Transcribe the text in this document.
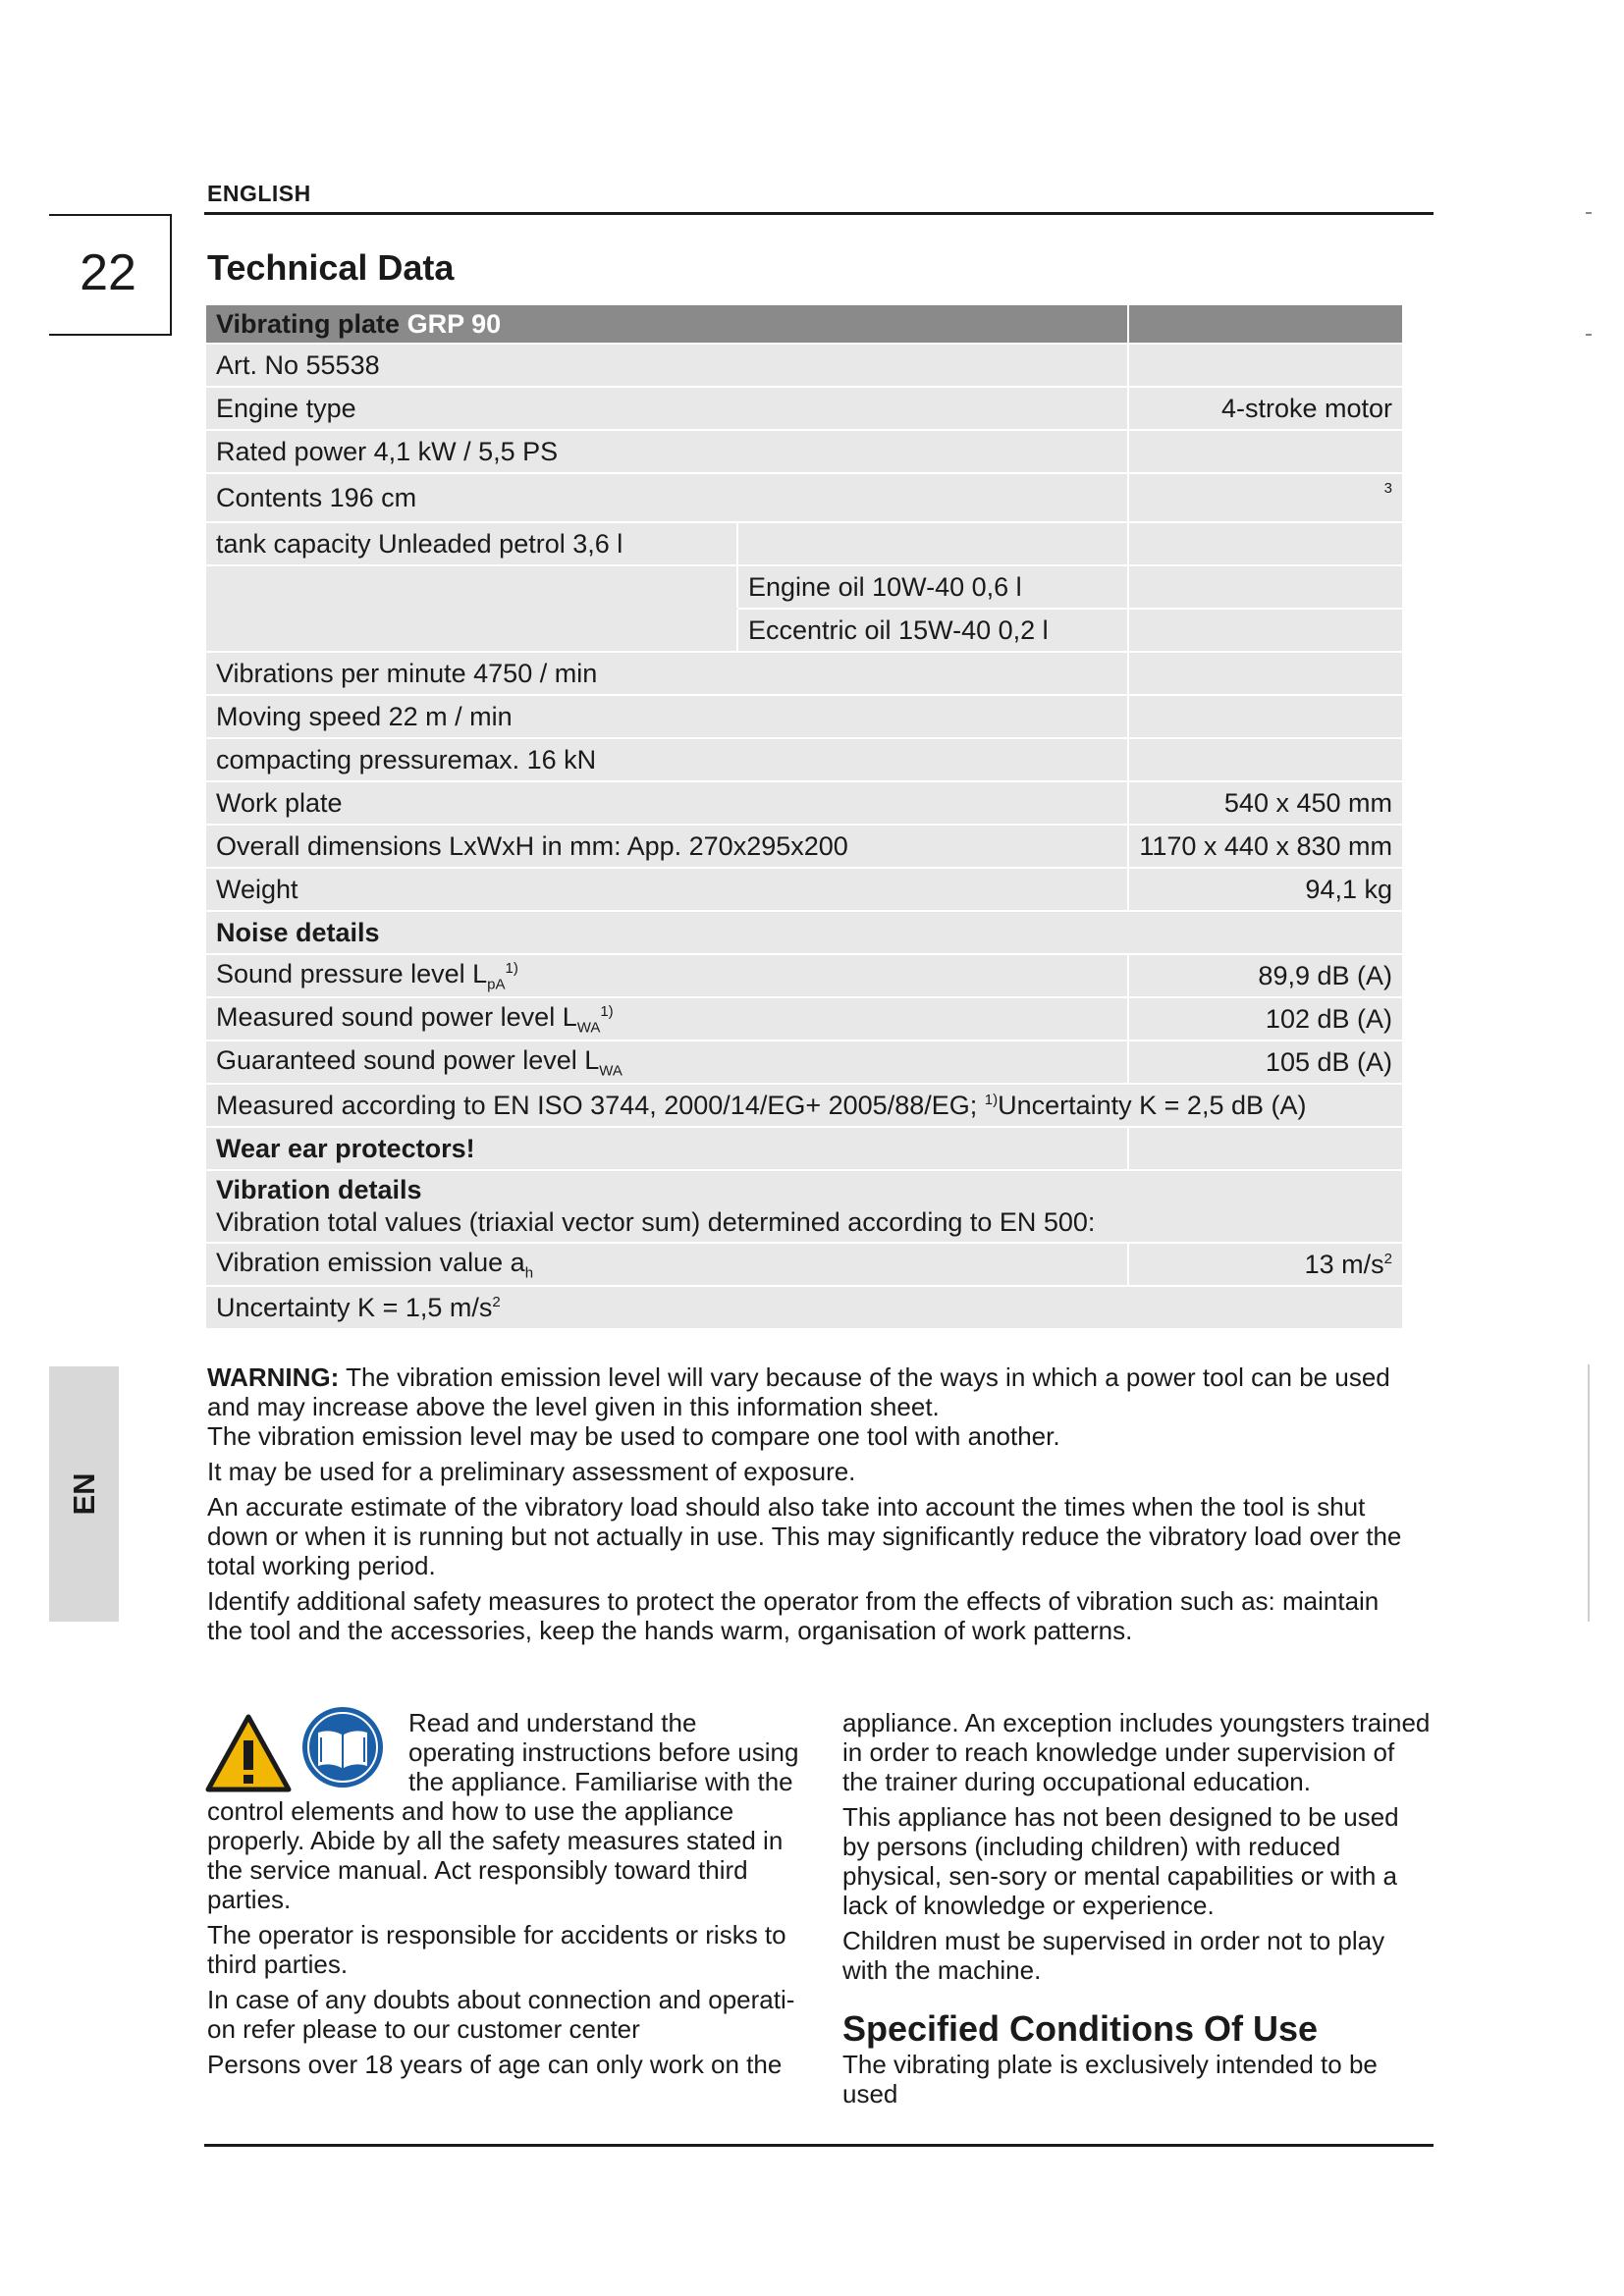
ENGLISH
22
EN
Technical Data
Vibrating plate GRP 90		
Art. No 55538		
Engine type		4-stroke motor
Rated power 4,1 kW / 5,5 PS		
Contents 196 cm		3
tank capacity Unleaded petrol 3,6 l		
	Engine oil 10W-40 0,6 l	
	Eccentric oil 15W-40 0,2 l	
Vibrations per minute 4750 / min		
Moving speed 22 m / min		
compacting pressuremax. 16 kN		
Work plate		540 x 450 mm
Overall dimensions LxWxH in mm: App. 270x295x200		1170 x 440 x 830 mm
Weight		94,1 kg
Noise details		
Sound pressure level $L_{pA}^{1)}$		89,9 dB (A)
Measured sound power level $L_{WA}^{1)}$		102 dB (A)
Guaranteed sound power level $L_{WA}$		105 dB (A)
Measured according to EN ISO 3744, 2000/14/EG+ 2005/88/EG; $^{1)}$Uncertainty K = 2,5 dB (A)		
Wear ear protectors!		

Vibration details
Vibration total values (triaxial vector sum) determined according to EN 500:		

Vibration emission value $a_h$		13 $m/s^2$
Uncertainty K = 1,5 $m/s^2$

WARNING: The vibration emission level will vary because of the ways in which a power tool can be used and may increase above the level given in this information sheet.

The vibration emission level may be used to compare one tool with another.

It may be used for a preliminary assessment of exposure.

An accurate estimate of the vibratory load should also take into account the times when the tool is shut down or when it is running but not actually in use. This may significantly reduce the vibratory load over the total working period.

Identify additional safety measures to protect the operator from the effects of vibration such as: maintain the tool and the accessories, keep the hands warm, organisation of work patterns.

Read and understand the
operating instructions before using
the appliance. Familiarise with the

control elements and how to use the appliance properly. Abide by all the safety measures stated in the service manual. Act responsibly toward third parties.

The operator is responsible for accidents or risks to third parties.

In case of any doubts about connection and operati-on refer please to our customer center

Persons over 18 years of age can only work on the

appliance. An exception includes youngsters trained in order to reach knowledge under supervision of the trainer during occupational education.

This appliance has not been designed to be used by persons (including children) with reduced physical, sen-sory or mental capabilities or with a lack of knowledge or experience.

Children must be supervised in order not to play with the machine.

Specified Conditions Of Use

The vibrating plate is exclusively intended to be used
